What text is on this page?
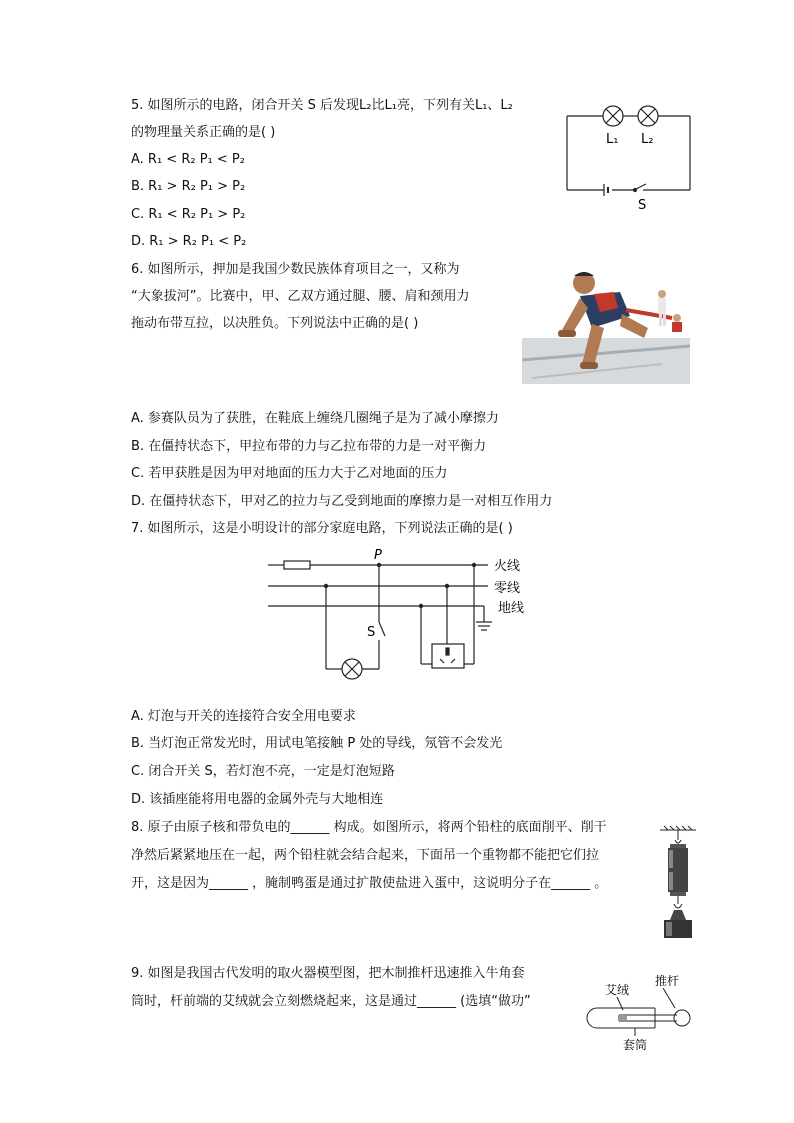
5. 如图所示的电路，闭合开关 S 后发现L₂比L₁亮，下列有关L₁、L₂
的物理量关系正确的是( )
A. R₁ < R₂ P₁ < P₂
B. R₁ > R₂ P₁ > P₂
C. R₁ < R₂ P₁ > P₂
D. R₁ > R₂ P₁ < P₂
L₁ L₂
S
6. 如图所示，押加是我国少数民族体育项目之一，又称为
“大象拔河”。比赛中，甲、乙双方通过腿、腰、肩和颈用力
拖动布带互拉，以决胜负。下列说法中正确的是( )
A. 参赛队员为了获胜，在鞋底上缠绕几圈绳子是为了减小摩擦力
B. 在僵持状态下，甲拉布带的力与乙拉布带的力是一对平衡力
C. 若甲获胜是因为甲对地面的压力大于乙对地面的压力
D. 在僵持状态下，甲对乙的拉力与乙受到地面的摩擦力是一对相互作用力
7. 如图所示，这是小明设计的部分家庭电路，下列说法正确的是( )
P
火线
零线
地线
S
A. 灯泡与开关的连接符合安全用电要求
B. 当灯泡正常发光时，用试电笔接触 P 处的导线，氖管不会发光
C. 闭合开关 S，若灯泡不亮，一定是灯泡短路
D. 该插座能将用电器的金属外壳与大地相连
8. 原子由原子核和带负电的______ 构成。如图所示，将两个铅柱的底面削平、削干
净然后紧紧地压在一起，两个铅柱就会结合起来，下面吊一个重物都不能把它们拉
开，这是因为______ ，腌制鸭蛋是通过扩散使盐进入蛋中，这说明分子在______ 。
9. 如图是我国古代发明的取火器模型图，把木制推杆迅速推入牛角套
筒时，杆前端的艾绒就会立刻燃烧起来，这是通过______ (选填“做功”
推杆
艾绒
套筒
